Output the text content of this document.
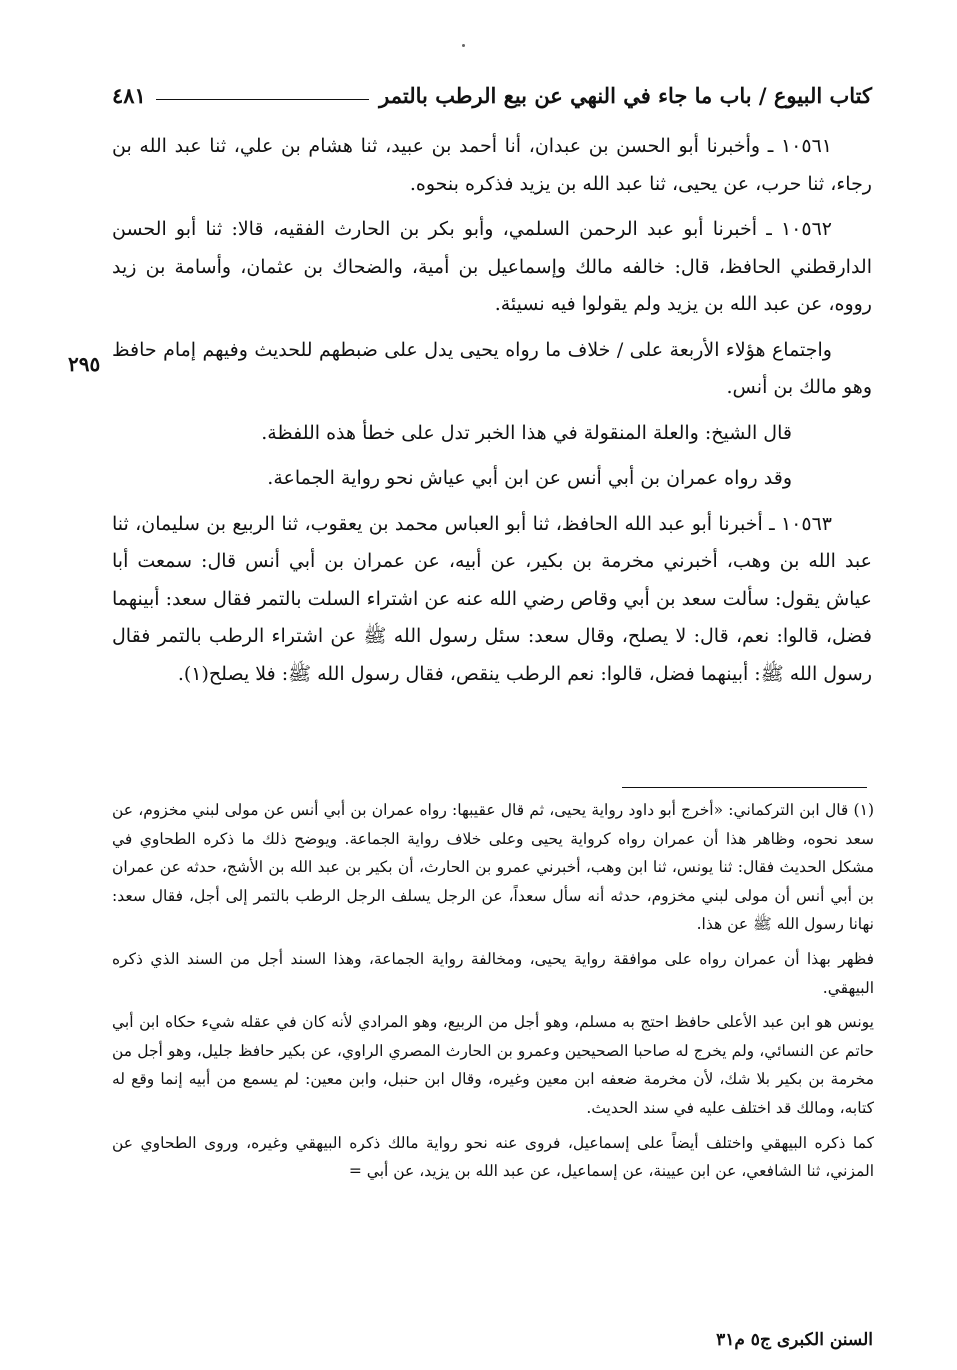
كتاب البيوع / باب ما جاء في النهي عن بيع الرطب بالتمر
٤٨١
٢٩٥

١٠٥٦١ ـ وأخبرنا أبو الحسن بن عبدان، أنا أحمد بن عبيد، ثنا هشام بن علي، ثنا عبد الله بن رجاء، ثنا حرب، عن يحيى، ثنا عبد الله بن يزيد فذكره بنحوه.

١٠٥٦٢ ـ أخبرنا أبو عبد الرحمن السلمي، وأبو بكر بن الحارث الفقيه، قالا: ثنا أبو الحسن الدارقطني الحافظ، قال: خالفه مالك وإسماعيل بن أمية، والضحاك بن عثمان، وأسامة بن زيد رووه، عن عبد الله بن يزيد ولم يقولوا فيه نسيئة.

واجتماع هؤلاء الأربعة على / خلاف ما رواه يحيى يدل على ضبطهم للحديث وفيهم إمام حافظ وهو مالك بن أنس.

قال الشيخ: والعلة المنقولة في هذا الخبر تدل على خطأ هذه اللفظة.

وقد رواه عمران بن أبي أنس عن ابن أبي عياش نحو رواية الجماعة.

١٠٥٦٣ ـ أخبرنا أبو عبد الله الحافظ، ثنا أبو العباس محمد بن يعقوب، ثنا الربيع بن سليمان، ثنا عبد الله بن وهب، أخبرني مخرمة بن بكير، عن أبيه، عن عمران بن أبي أنس قال: سمعت أبا عياش يقول: سألت سعد بن أبي وقاص رضي الله عنه عن اشتراء السلت بالتمر فقال سعد: أبينهما فضل، قالوا: نعم، قال: لا يصلح، وقال سعد: سئل رسول الله ﷺ عن اشتراء الرطب بالتمر فقال رسول الله ﷺ: أبينهما فضل، قالوا: نعم الرطب ينقص، فقال رسول الله ﷺ: فلا يصلح(١).

(١) قال ابن التركماني: «أخرج أبو داود رواية يحيى، ثم قال عقيبها: رواه عمران بن أبي أنس عن مولى لبني مخزوم، عن سعد نحوه، وظاهر هذا أن عمران رواه كرواية يحيى وعلى خلاف رواية الجماعة. ويوضح ذلك ما ذكره الطحاوي في مشكل الحديث فقال: ثنا يونس، ثنا ابن وهب، أخبرني عمرو بن الحارث، أن بكير بن عبد الله بن الأشج، حدثه عن عمران بن أبي أنس أن مولى لبني مخزوم، حدثه أنه سأل سعداً، عن الرجل يسلف الرجل الرطب بالتمر إلى أجل، فقال سعد: نهانا رسول الله ﷺ عن هذا.

فظهر بهذا أن عمران رواه على موافقة رواية يحيى، ومخالفة رواية الجماعة، وهذا السند أجل من السند الذي ذكره البيهقي.

يونس هو ابن عبد الأعلى حافظ احتج به مسلم، وهو أجل من الربيع، وهو المرادي لأنه كان في عقله شيء حكاه ابن أبي حاتم عن النسائي، ولم يخرج له صاحبا الصحيحين وعمرو بن الحارث المصري الراوي، عن بكير حافظ جليل، وهو أجل من مخرمة بن بكير بلا شك، لأن مخرمة ضعفه ابن معين وغيره، وقال ابن حنبل، وابن معين: لم يسمع من أبيه إنما وقع له كتابه، ومالك قد اختلف عليه في سند الحديث.

كما ذكره البيهقي واختلف أيضاً على إسماعيل، فروى عنه نحو رواية مالك ذكره البيهقي وغيره، وروى الطحاوي عن المزني، ثنا الشافعي، عن ابن عيينة، عن إسماعيل، عن عبد الله بن يزيد، عن أبي =

السنن الكبرى ج٥ م٣١
